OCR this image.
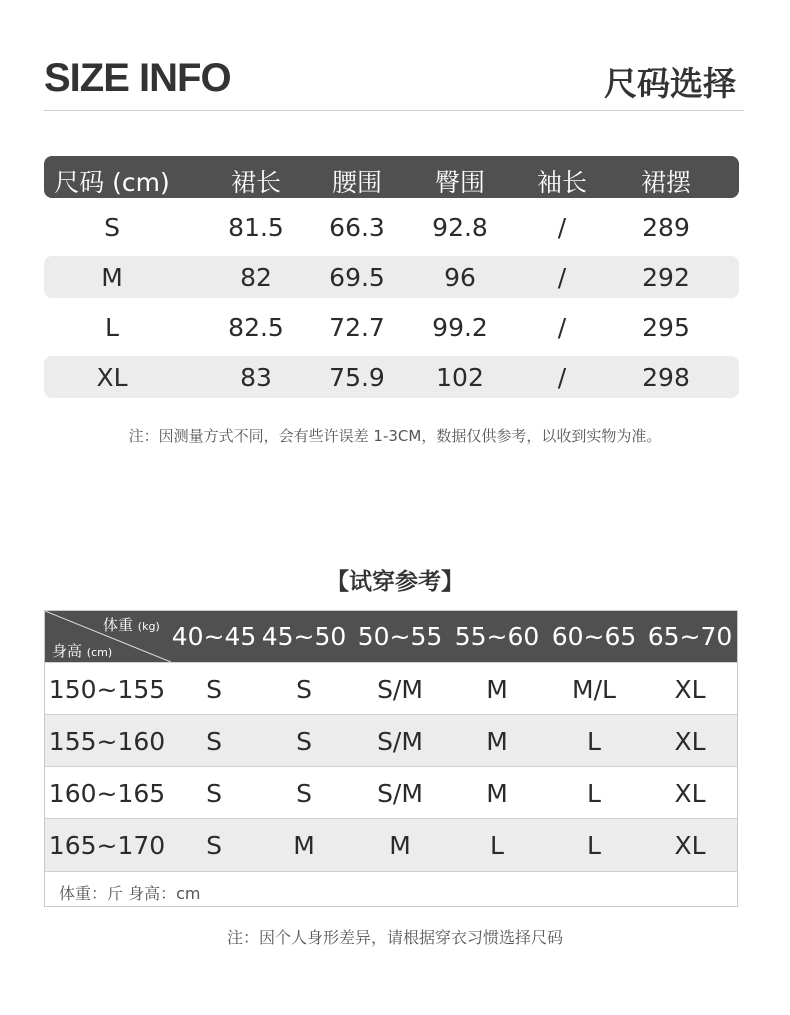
SIZE INFO	尺码选择
尺码 (cm) 裙长 腰围 臀围 袖长 裙摆
S	81.5 66.3 92.8	/	289
M	82 69.5 96	/	292
L	82.5 72.7 99.2	/	295
XL	83 75.9 102	/	298
注：因测量方式不同，会有些许误差 1-3CM，数据仅供参考，以收到实物为准。
【试穿参考】
体重 (kg)
身高 (cm)
40~45 45~50 50~55 55~60 60~65 65~70
体重：斤 身高：cm
150~155 S	S	S/M	M	M/L XL
155~160 S	S	S/M	M	L	XL
160~165 S	S	S/M	M	L	XL
165~170 S	M	M	L	L	XL
注：因个人身形差异，请根据穿衣习惯选择尺码
